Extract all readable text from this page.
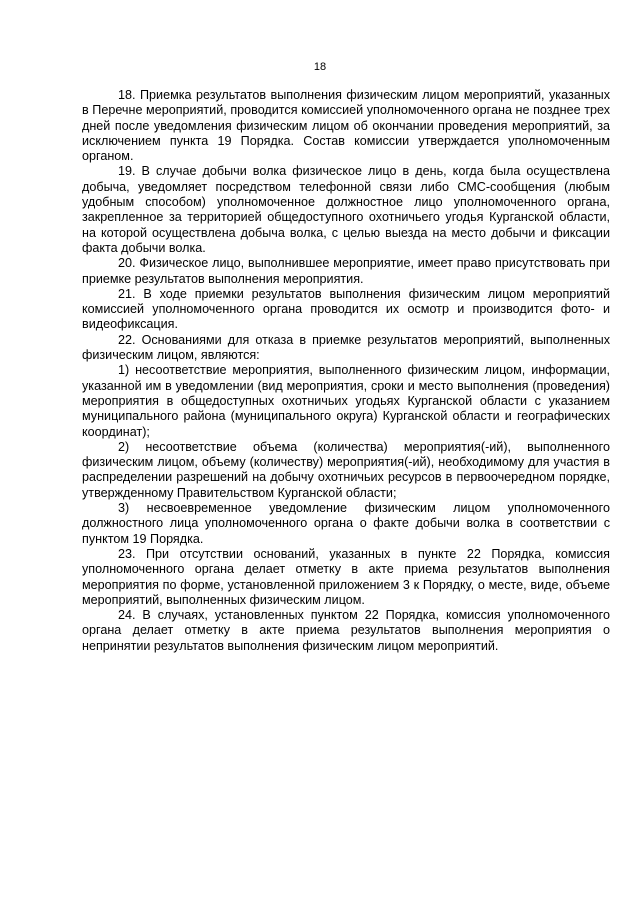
18

18. Приемка результатов выполнения физическим лицом мероприятий, указанных в Перечне мероприятий, проводится комиссией уполномоченного органа не позднее трех дней после уведомления физическим лицом об окончании проведения мероприятий, за исключением пункта 19 Порядка. Состав комиссии утверждается уполномоченным органом.

19. В случае добычи волка физическое лицо в день, когда была осуществлена добыча, уведомляет посредством телефонной связи либо СМС-сообщения (любым удобным способом) уполномоченное должностное лицо уполномоченного органа, закрепленное за территорией общедоступного охотничьего угодья Курганской области, на которой осуществлена добыча волка, с целью выезда на место добычи и фиксации факта добычи волка.

20. Физическое лицо, выполнившее мероприятие, имеет право присутствовать при приемке результатов выполнения мероприятия.

21. В ходе приемки результатов выполнения физическим лицом мероприятий комиссией уполномоченного органа проводится их осмотр и производится фото- и видеофиксация.

22. Основаниями для отказа в приемке результатов мероприятий, выполненных физическим лицом, являются:

1) несоответствие мероприятия, выполненного физическим лицом, информации, указанной им в уведомлении (вид мероприятия, сроки и место выполнения (проведения) мероприятия в общедоступных охотничьих угодьях Курганской области с указанием муниципального района (муниципального округа) Курганской области и географических координат);

2) несоответствие объема (количества) мероприятия(-ий), выполненного физическим лицом, объему (количеству) мероприятия(-ий), необходимому для участия в распределении разрешений на добычу охотничьих ресурсов в первоочередном порядке, утвержденному Правительством Курганской области;

3) несвоевременное уведомление физическим лицом уполномоченного должностного лица уполномоченного органа о факте добычи волка в соответствии с пунктом 19 Порядка.

23. При отсутствии оснований, указанных в пункте 22 Порядка, комиссия уполномоченного органа делает отметку в акте приема результатов выполнения мероприятия по форме, установленной приложением 3 к Порядку, о месте, виде, объеме мероприятий, выполненных физическим лицом.

24. В случаях, установленных пунктом 22 Порядка, комиссия уполномоченного органа делает отметку в акте приема результатов выполнения мероприятия о непринятии результатов выполнения физическим лицом мероприятий.
